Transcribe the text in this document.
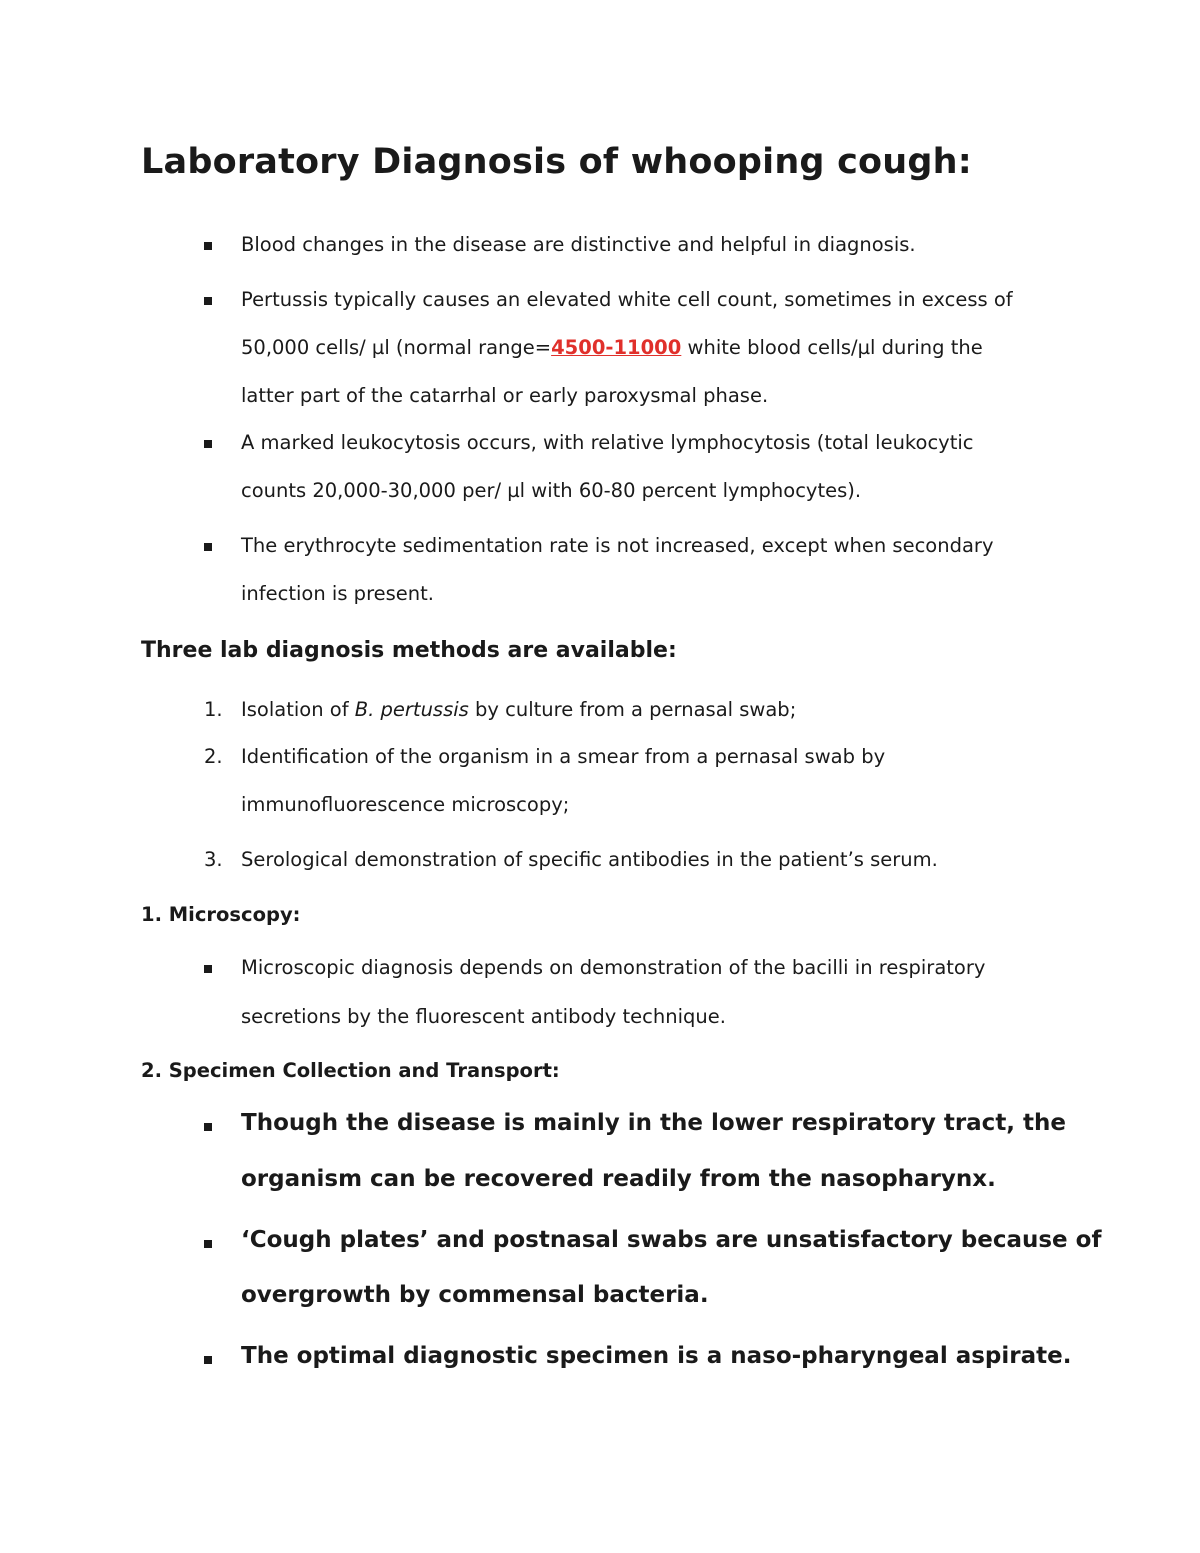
Laboratory Diagnosis of whooping cough:
Blood changes in the disease are distinctive and helpful in diagnosis.
Pertussis typically causes an elevated white cell count, sometimes in excess of
50,000 cells/ µl (normal range=4500-11000 white blood cells/µl during the
latter part of the catarrhal or early paroxysmal phase.
A marked leukocytosis occurs, with relative lymphocytosis (total leukocytic
counts 20,000-30,000 per/ µl with 60-80 percent lymphocytes).
The erythrocyte sedimentation rate is not increased, except when secondary
infection is present.
Three lab diagnosis methods are available:
1. Isolation of B. pertussis by culture from a pernasal swab;
2. Identification of the organism in a smear from a pernasal swab by
immunofluorescence microscopy;
3. Serological demonstration of specific antibodies in the patient’s serum.
1. Microscopy:
Microscopic diagnosis depends on demonstration of the bacilli in respiratory
secretions by the fluorescent antibody technique.
2. Specimen Collection and Transport:
Though the disease is mainly in the lower respiratory tract, the
organism can be recovered readily from the nasopharynx.
‘Cough plates’ and postnasal swabs are unsatisfactory because of
overgrowth by commensal bacteria.
The optimal diagnostic specimen is a naso-pharyngeal aspirate.
